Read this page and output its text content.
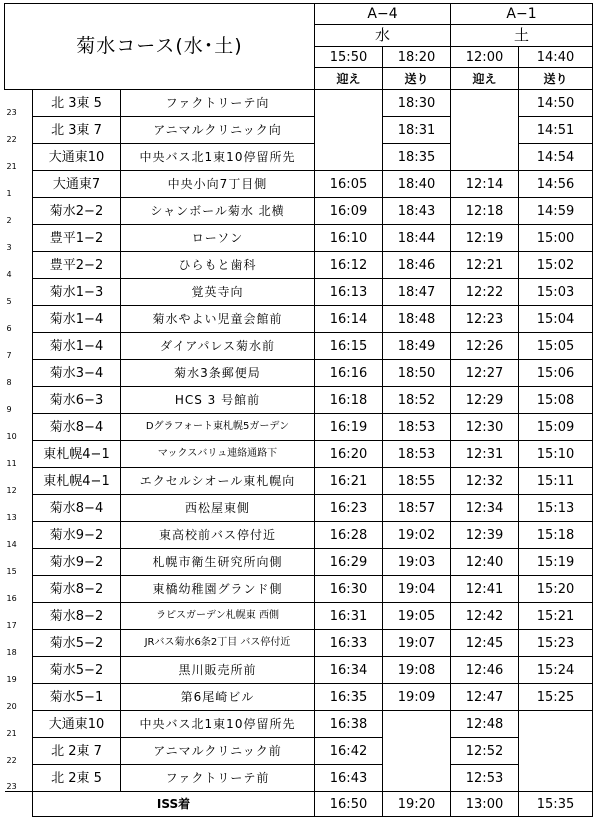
菊水コース(水･土)			A−4		A−1	
			水		土	
			15:50	18:20	12:00	14:40
			迎え	送り	迎え	送り
23	北 3東 5	ファクトリーテ向		18:30		14:50
22	北 3東 7	アニマルクリニック向		18:31		14:51
21	大通東10	中央バス北1東10停留所先		18:35		14:54
1	大通東7	中央小向7丁目側	16:05	18:40	12:14	14:56
2	菊水2−2	シャンボール菊水 北横	16:09	18:43	12:18	14:59
3	豊平1−2	ローソン	16:10	18:44	12:19	15:00
4	豊平2−2	ひらもと歯科	16:12	18:46	12:21	15:02
5	菊水1−3	覚英寺向	16:13	18:47	12:22	15:03
6	菊水1−4	菊水やよい児童会館前	16:14	18:48	12:23	15:04
7	菊水1−4	ダイアパレス菊水前	16:15	18:49	12:26	15:05
8	菊水3−4	菊水3条郵便局	16:16	18:50	12:27	15:06
9	菊水6−3	HCS 3 号館前	16:18	18:52	12:29	15:08
10	菊水8−4	Dグラフォート東札幌5ガーデン	16:19	18:53	12:30	15:09
11	東札幌4−1	マックスバリュ連絡通路下	16:20	18:53	12:31	15:10
12	東札幌4−1	エクセルシオール東札幌向	16:21	18:55	12:32	15:11
13	菊水8−4	西松屋東側	16:23	18:57	12:34	15:13
14	菊水9−2	東高校前バス停付近	16:28	19:02	12:39	15:18
15	菊水9−2	札幌市衛生研究所向側	16:29	19:03	12:40	15:19
16	菊水8−2	東橋幼稚園グランド側	16:30	19:04	12:41	15:20
17	菊水8−2	ラピスガーデン札幌東 西側	16:31	19:05	12:42	15:21
18	菊水5−2	JRバス菊水6条2丁目 バス停付近	16:33	19:07	12:45	15:23
19	菊水5−2	黒川販売所前	16:34	19:08	12:46	15:24
20	菊水5−1	第6尾崎ビル	16:35	19:09	12:47	15:25
21	大通東10	中央バス北1東10停留所先	16:38		12:48	
22	北 2東 7	アニマルクリニック前	16:42		12:52	
23	北 2東 5	ファクトリーテ前	16:43		12:53	
	ISS着		16:50	19:20	13:00	15:35
